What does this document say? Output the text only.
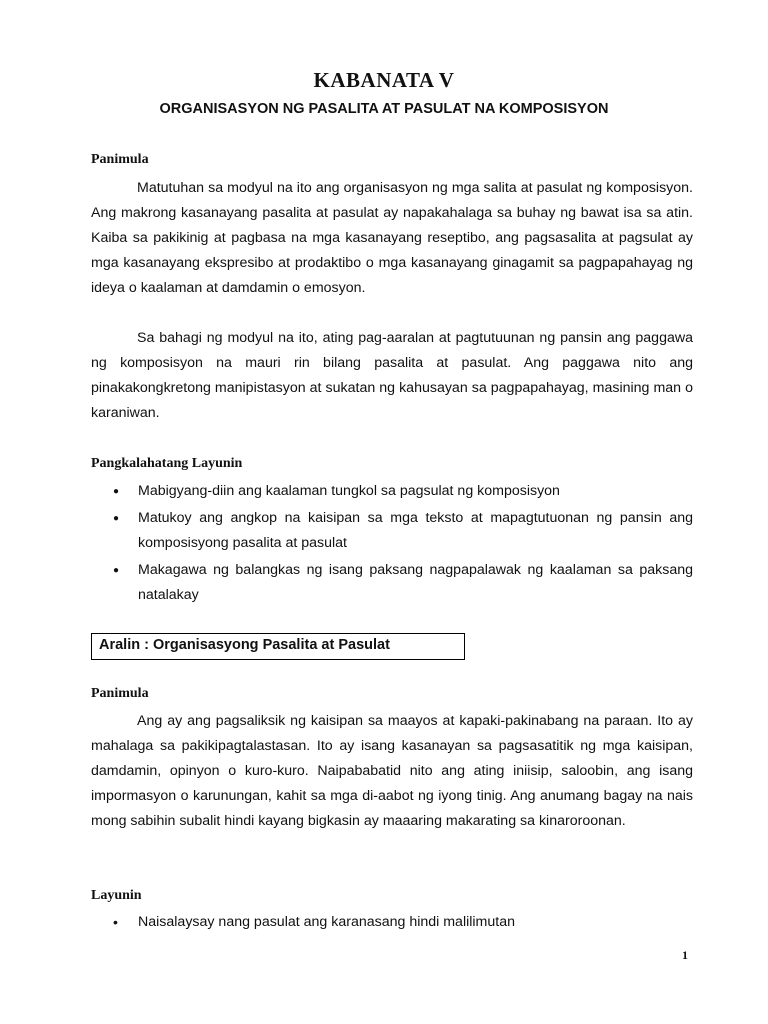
KABANATA V
ORGANISASYON NG PASALITA AT PASULAT NA KOMPOSISYON
Panimula

Matutuhan sa modyul na ito ang organisasyon ng mga salita at pasulat ng komposisyon. Ang makrong kasanayang pasalita at pasulat ay napakahalaga sa buhay ng bawat isa sa atin. Kaiba sa pakikinig at pagbasa na mga kasanayang reseptibo, ang pagsasalita at pagsulat ay mga kasanayang ekspresibo at prodaktibo o mga kasanayang ginagamit sa pagpapahayag ng ideya o kaalaman at damdamin o emosyon.

Sa bahagi ng modyul na ito, ating pag-aaralan at pagtutuunan ng pansin ang paggawa ng komposisyon na mauri rin bilang pasalita at pasulat. Ang paggawa nito ang pinakakongkretong manipistasyon at sukatan ng kahusayan sa pagpapahayag, masining man o karaniwan.

Pangkalahatang Layunin
● Mabigyang-diin ang kaalaman tungkol sa pagsulat ng komposisyon
● Matukoy ang angkop na kaisipan sa mga teksto at mapagtutuonan ng pansin ang komposisyong pasalita at pasulat
● Makagawa ng balangkas ng isang paksang nagpapalawak ng kaalaman sa paksang natalakay
Aralin : Organisasyong Pasalita at Pasulat
Panimula

Ang ay ang pagsaliksik ng kaisipan sa maayos at kapaki-pakinabang na paraan. Ito ay mahalaga sa pakikipagtalastasan. Ito ay isang kasanayan sa pagsasatitik ng mga kaisipan, damdamin, opinyon o kuro-kuro. Naipababatid nito ang ating iniisip, saloobin, ang isang impormasyon o karunungan, kahit sa mga di-aabot ng iyong tinig. Ang anumang bagay na nais mong sabihin subalit hindi kayang bigkasin ay maaaring makarating sa kinaroroonan.

Layunin
• Naisalaysay nang pasulat ang karanasang hindi malilimutan
1
